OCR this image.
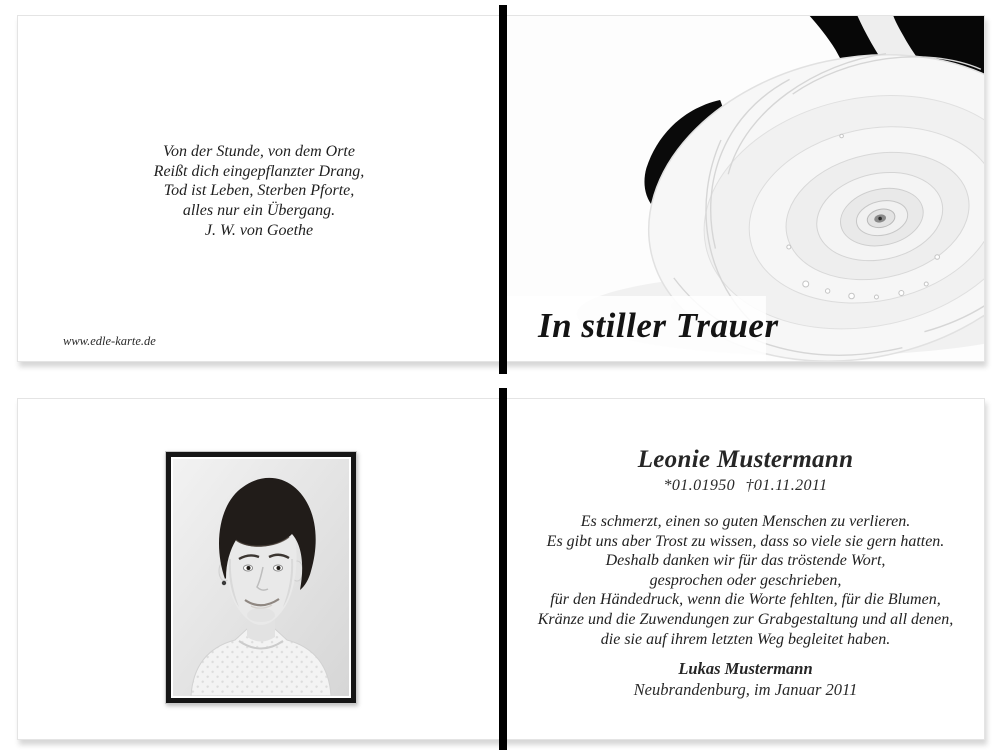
Von der Stunde, von dem Orte
Reißt dich eingepflanzter Drang,
Tod ist Leben, Sterben Pforte,
alles nur ein Übergang.
J. W. von Goethe
www.edle-karte.de	In stiller Trauer
Leonie Mustermann
*01.01950 †01.11.2011
Es schmerzt, einen so guten Menschen zu verlieren.
Es gibt uns aber Trost zu wissen, dass so viele sie gern hatten.
Deshalb danken wir für das tröstende Wort,
gesprochen oder geschrieben,
für den Händedruck, wenn die Worte fehlten, für die Blumen,
Kränze und die Zuwendungen zur Grabgestaltung und all denen,
die sie auf ihrem letzten Weg begleitet haben.
Lukas Mustermann
Neubrandenburg, im Januar 2011
